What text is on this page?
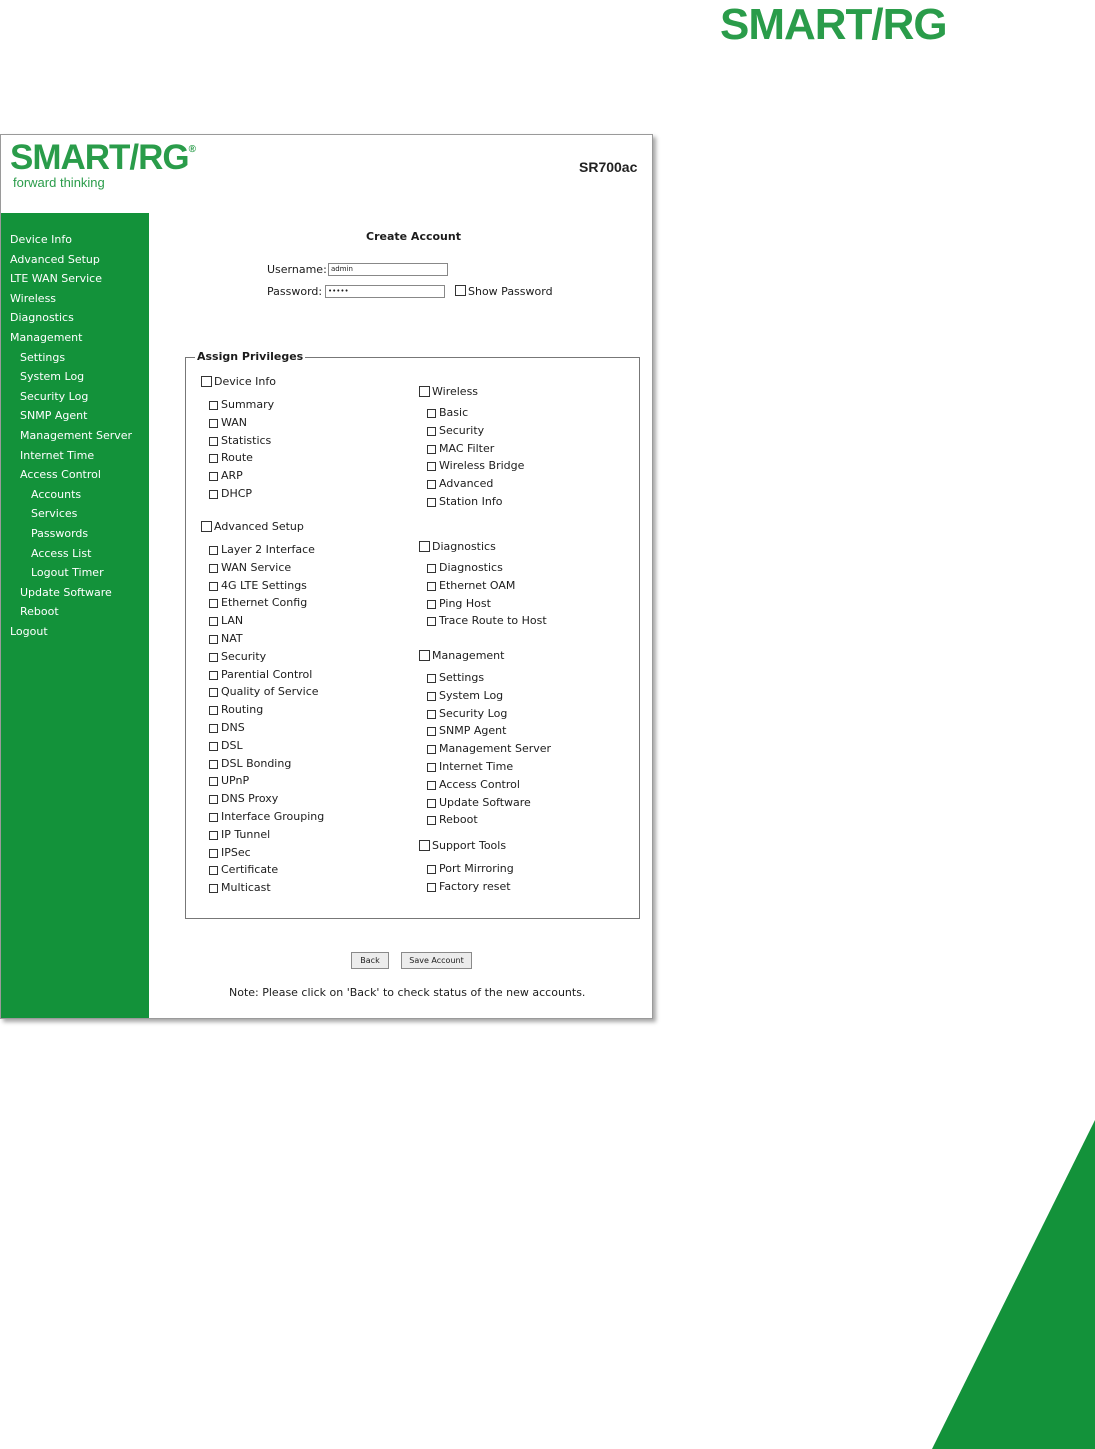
SMART/RG
SMART/RG®
forward thinking
SR700ac
Device Info
Advanced Setup
LTE WAN Service
Wireless
Diagnostics
Management
Settings
System Log
Security Log
SNMP Agent
Management Server
Internet Time
Access Control
Accounts
Services
Passwords
Access List
Logout Timer
Update Software
Reboot
Logout
Create Account
Username: admin
Password: •••••	Show Password
Assign Privileges
Device Info
Summary
WAN
Statistics
Route
ARP
DHCP
Advanced Setup
Layer 2 Interface
WAN Service
4G LTE Settings
Ethernet Config
LAN
NAT
Security
Parential Control
Quality of Service
Routing
DNS
DSL
DSL Bonding
UPnP
DNS Proxy
Interface Grouping
IP Tunnel
IPSec
Certificate
Multicast
Wireless
Basic
Security
MAC Filter
Wireless Bridge
Advanced
Station Info
Diagnostics
Diagnostics
Ethernet OAM
Ping Host
Trace Route to Host
Management
Settings
System Log
Security Log
SNMP Agent
Management Server
Internet Time
Access Control
Update Software
Reboot
Support Tools
Port Mirroring
Factory reset
Back	Save Account
Note: Please click on 'Back' to check status of the new accounts.
